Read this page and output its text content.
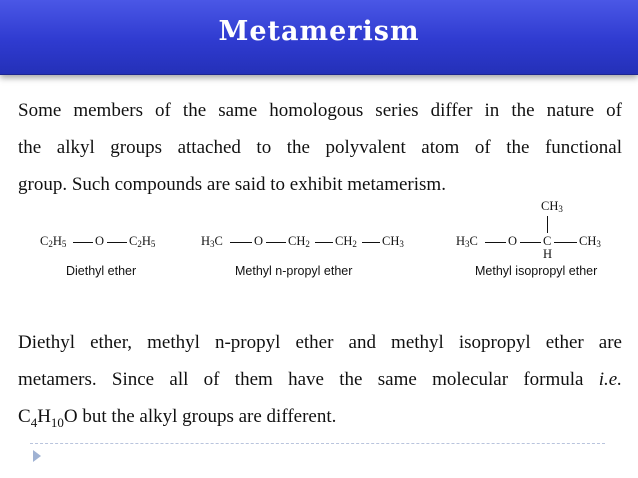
Metamerism
Some members of the same homologous series differ in the nature of
the alkyl groups attached to the polyvalent atom of the functional
group. Such compounds are said to exhibit metamerism.
$C_2H_5$ O $C_2H_5$
Diethyl ether
$H_3C$ O $CH_2$ $CH_2$ $CH_3$
Methyl n-propyl ether
$CH_3$
$H_3C$ O C $CH_3$
H
Methyl isopropyl ether
Diethyl ether, methyl n-propyl ether and methyl isopropyl ether are
metamers. Since all of them have the same molecular formula i.e.
$C_4H_{10}O$ but the alkyl groups are different.
